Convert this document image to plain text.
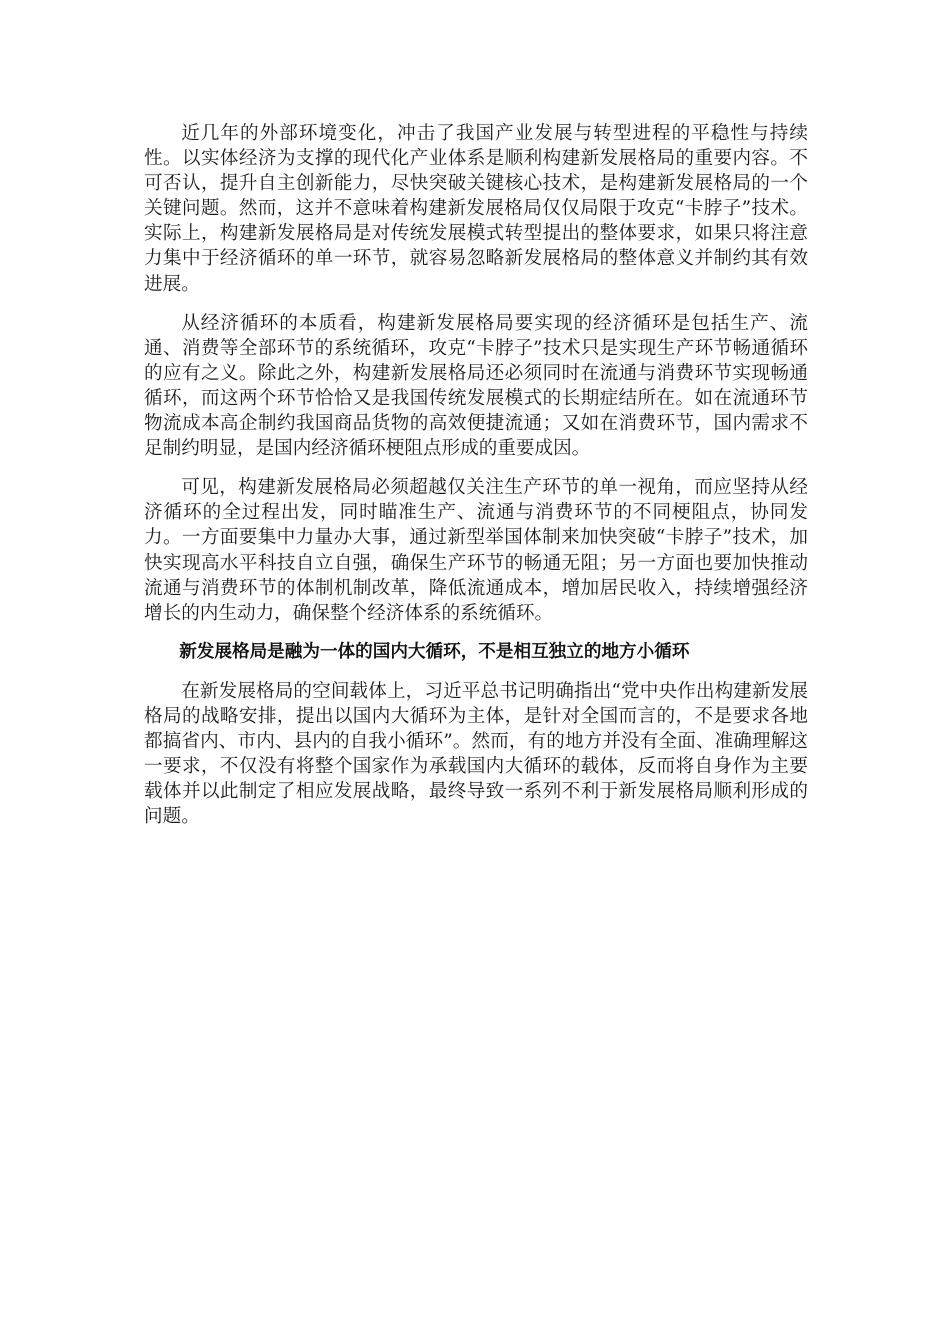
近几年的外部环境变化，冲击了我国产业发展与转型进程的平稳性与持续性。以实体经济为支撑的现代化产业体系是顺利构建新发展格局的重要内容。不可否认，提升自主创新能力，尽快突破关键核心技术，是构建新发展格局的一个关键问题。然而，这并不意味着构建新发展格局仅仅局限于攻克“卡脖子”技术。实际上，构建新发展格局是对传统发展模式转型提出的整体要求，如果只将注意力集中于经济循环的单一环节，就容易忽略新发展格局的整体意义并制约其有效进展。

从经济循环的本质看，构建新发展格局要实现的经济循环是包括生产、流通、消费等全部环节的系统循环，攻克“卡脖子”技术只是实现生产环节畅通循环的应有之义。除此之外，构建新发展格局还必须同时在流通与消费环节实现畅通循环，而这两个环节恰恰又是我国传统发展模式的长期症结所在。如在流通环节物流成本高企制约我国商品货物的高效便捷流通；又如在消费环节，国内需求不足制约明显，是国内经济循环梗阻点形成的重要成因。

可见，构建新发展格局必须超越仅关注生产环节的单一视角，而应坚持从经济循环的全过程出发，同时瞄准生产、流通与消费环节的不同梗阻点，协同发力。一方面要集中力量办大事，通过新型举国体制来加快突破“卡脖子”技术，加快实现高水平科技自立自强，确保生产环节的畅通无阻；另一方面也要加快推动流通与消费环节的体制机制改革，降低流通成本，增加居民收入，持续增强经济增长的内生动力，确保整个经济体系的系统循环。

新发展格局是融为一体的国内大循环，不是相互独立的地方小循环

在新发展格局的空间载体上，习近平总书记明确指出“党中央作出构建新发展格局的战略安排，提出以国内大循环为主体，是针对全国而言的，不是要求各地都搞省内、市内、县内的自我小循环”。然而，有的地方并没有全面、准确理解这一要求，不仅没有将整个国家作为承载国内大循环的载体，反而将自身作为主要载体并以此制定了相应发展战略，最终导致一系列不利于新发展格局顺利形成的问题。
